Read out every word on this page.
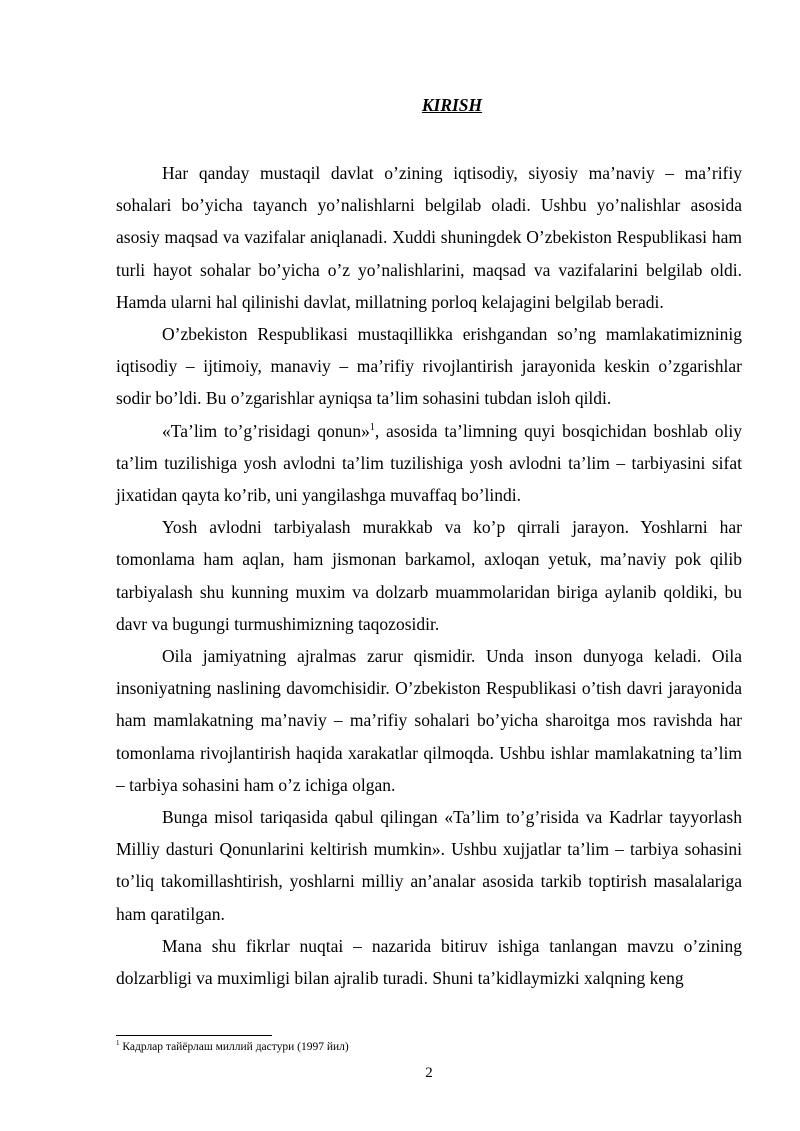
KIRISH

Har qanday mustaqil davlat o’zining iqtisodiy, siyosiy ma’naviy – ma’rifiy sohalari bo’yicha tayanch yo’nalishlarni belgilab oladi. Ushbu yo’nalishlar asosida asosiy maqsad va vazifalar aniqlanadi. Xuddi shuningdek O’zbekiston Respublikasi ham turli hayot sohalar bo’yicha o’z yo’nalishlarini, maqsad va vazifalarini belgilab oldi. Hamda ularni hal qilinishi davlat, millatning porloq kelajagini belgilab beradi.

O’zbekiston Respublikasi mustaqillikka erishgandan so’ng mamlakatimizninig iqtisodiy – ijtimoiy, manaviy – ma’rifiy rivojlantirish jarayonida keskin o’zgarishlar sodir bo’ldi. Bu o’zgarishlar ayniqsa ta’lim sohasini tubdan isloh qildi.

«Ta’lim to’g’risidagi qonun»$^1$, asosida ta’limning quyi bosqichidan boshlab oliy ta’lim tuzilishiga yosh avlodni ta’lim tuzilishiga yosh avlodni ta’lim – tarbiyasini sifat jixatidan qayta ko’rib, uni yangilashga muvaffaq bo’lindi.

Yosh avlodni tarbiyalash murakkab va ko’p qirrali jarayon. Yoshlarni har tomonlama ham aqlan, ham jismonan barkamol, axloqan yetuk, ma’naviy pok qilib tarbiyalash shu kunning muxim va dolzarb muammolaridan biriga aylanib qoldiki, bu davr va bugungi turmushimizning taqozosidir.

Oila jamiyatning ajralmas zarur qismidir. Unda inson dunyoga keladi. Oila insoniyatning naslining davomchisidir. O’zbekiston Respublikasi o’tish davri jarayonida ham mamlakatning ma’naviy – ma’rifiy sohalari bo’yicha sharoitga mos ravishda har tomonlama rivojlantirish haqida xarakatlar qilmoqda. Ushbu ishlar mamlakatning ta’lim – tarbiya sohasini ham o’z ichiga olgan.

Bunga misol tariqasida qabul qilingan «Ta’lim to’g’risida va Kadrlar tayyorlash Milliy dasturi Qonunlarini keltirish mumkin». Ushbu xujjatlar ta’lim – tarbiya sohasini to’liq takomillashtirish, yoshlarni milliy an’analar asosida tarkib toptirish masalalariga ham qaratilgan.

Mana shu fikrlar nuqtai – nazarida bitiruv ishiga tanlangan mavzu o’zining dolzarbligi va muximligi bilan ajralib turadi. Shuni ta’kidlaymizki xalqning keng

$^1$ Кадрлар тайёрлаш миллий дастури (1997 йил)
2
